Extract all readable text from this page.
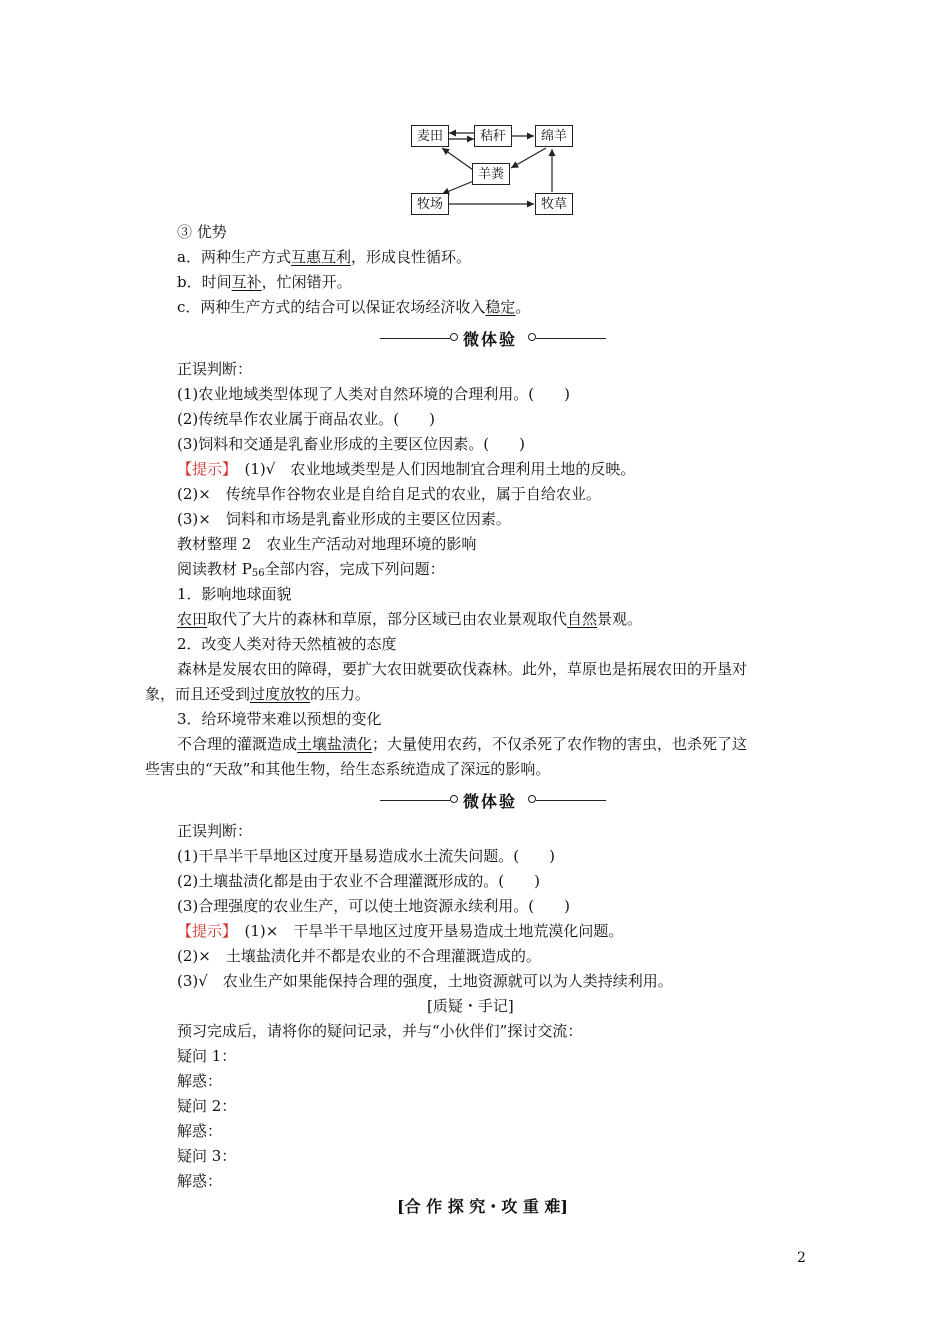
麦田	秸秆	绵羊
羊粪
牧场	牧草
③ 优势
a．两种生产方式互惠互利，形成良性循环。
b．时间互补，忙闲错开。
c．两种生产方式的结合可以保证农场经济收入稳定。
微体验
正误判断：
(1)农业地域类型体现了人类对自然环境的合理利用。(　　)
(2)传统旱作农业属于商品农业。(　　)
(3)饲料和交通是乳畜业形成的主要区位因素。(　　)
【提示】　(1)√　农业地域类型是人们因地制宜合理利用土地的反映。
(2)×　传统旱作谷物农业是自给自足式的农业，属于自给农业。
(3)×　饲料和市场是乳畜业形成的主要区位因素。
教材整理 2　农业生产活动对地理环境的影响
阅读教材 $P_{56}$全部内容，完成下列问题：
1．影响地球面貌
农田取代了大片的森林和草原，部分区域已由农业景观取代自然景观。
2．改变人类对待天然植被的态度
森林是发展农田的障碍，要扩大农田就要砍伐森林。此外，草原也是拓展农田的开垦对
象，而且还受到过度放牧的压力。
3．给环境带来难以预想的变化
不合理的灌溉造成土壤盐渍化；大量使用农药，不仅杀死了农作物的害虫，也杀死了这
些害虫的“天敌”和其他生物，给生态系统造成了深远的影响。
微体验
正误判断：
(1)干旱半干旱地区过度开垦易造成水土流失问题。(　　)
(2)土壤盐渍化都是由于农业不合理灌溉形成的。(　　)
(3)合理强度的农业生产，可以使土地资源永续利用。(　　)
【提示】　(1)×　干旱半干旱地区过度开垦易造成土地荒漠化问题。
(2)×　土壤盐渍化并不都是农业的不合理灌溉造成的。
(3)√　农业生产如果能保持合理的强度，土地资源就可以为人类持续利用。
[质疑・手记]
预习完成后，请将你的疑问记录，并与“小伙伴们”探讨交流：
疑问 1：
解惑：
疑问 2：
解惑：
疑问 3：
解惑：
[合 作 探 究・攻 重 难]
2
